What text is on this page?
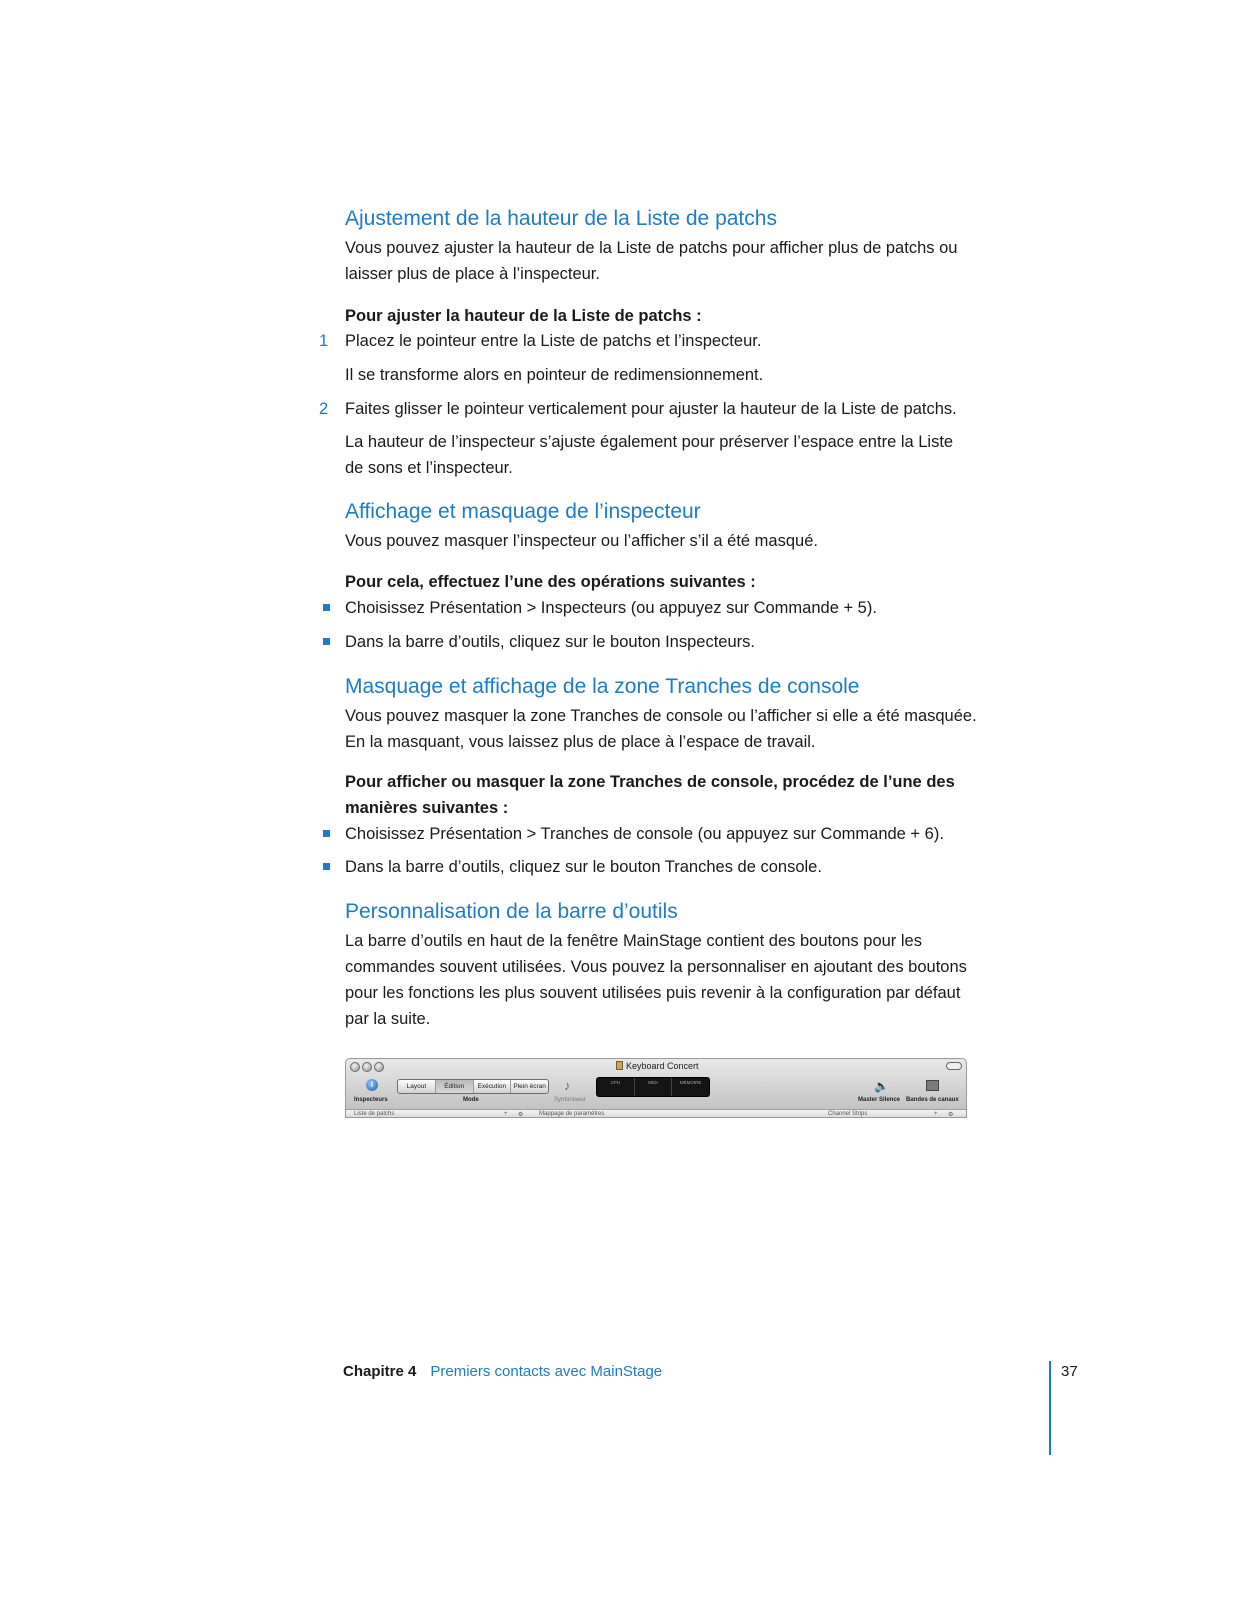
Ajustement de la hauteur de la Liste de patchs

Vous pouvez ajuster la hauteur de la Liste de patchs pour afficher plus de patchs ou
laisser plus de place à l’inspecteur.

Pour ajuster la hauteur de la Liste de patchs :

1	Placez le pointeur entre la Liste de patchs et l’inspecteur.

Il se transforme alors en pointeur de redimensionnement.

2	Faites glisser le pointeur verticalement pour ajuster la hauteur de la Liste de patchs.

La hauteur de l’inspecteur s’ajuste également pour préserver l’espace entre la Liste
de sons et l’inspecteur.

Affichage et masquage de l’inspecteur

Vous pouvez masquer l’inspecteur ou l’afficher s’il a été masqué.

Pour cela, effectuez l’une des opérations suivantes :

Choisissez Présentation > Inspecteurs (ou appuyez sur Commande + 5).

Dans la barre d’outils, cliquez sur le bouton Inspecteurs.

Masquage et affichage de la zone Tranches de console

Vous pouvez masquer la zone Tranches de console ou l’afficher si elle a été masquée.
En la masquant, vous laissez plus de place à l’espace de travail.

Pour afficher ou masquer la zone Tranches de console, procédez de l’une des
manières suivantes :

Choisissez Présentation > Tranches de console (ou appuyez sur Commande + 6).

Dans la barre d’outils, cliquez sur le bouton Tranches de console.

Personnalisation de la barre d’outils

La barre d’outils en haut de la fenêtre MainStage contient des boutons pour les
commandes souvent utilisées. Vous pouvez la personnaliser en ajoutant des boutons
pour les fonctions les plus souvent utilisées puis revenir à la configuration par défaut
par la suite.

Keyboard Concert
i
Inspecteurs
Layout	Édition	Exécution	Plein écran
Mode
♪
Syntoniseur
CPU	MIDI	MÉMOIRE	🔈
Master Silence Bandes de canaux
Liste de patchs	+ ⚙	Mappage de paramètres	Channel Strips	+ ⚙
Chapitre 4 Premiers contacts avec MainStage	37
